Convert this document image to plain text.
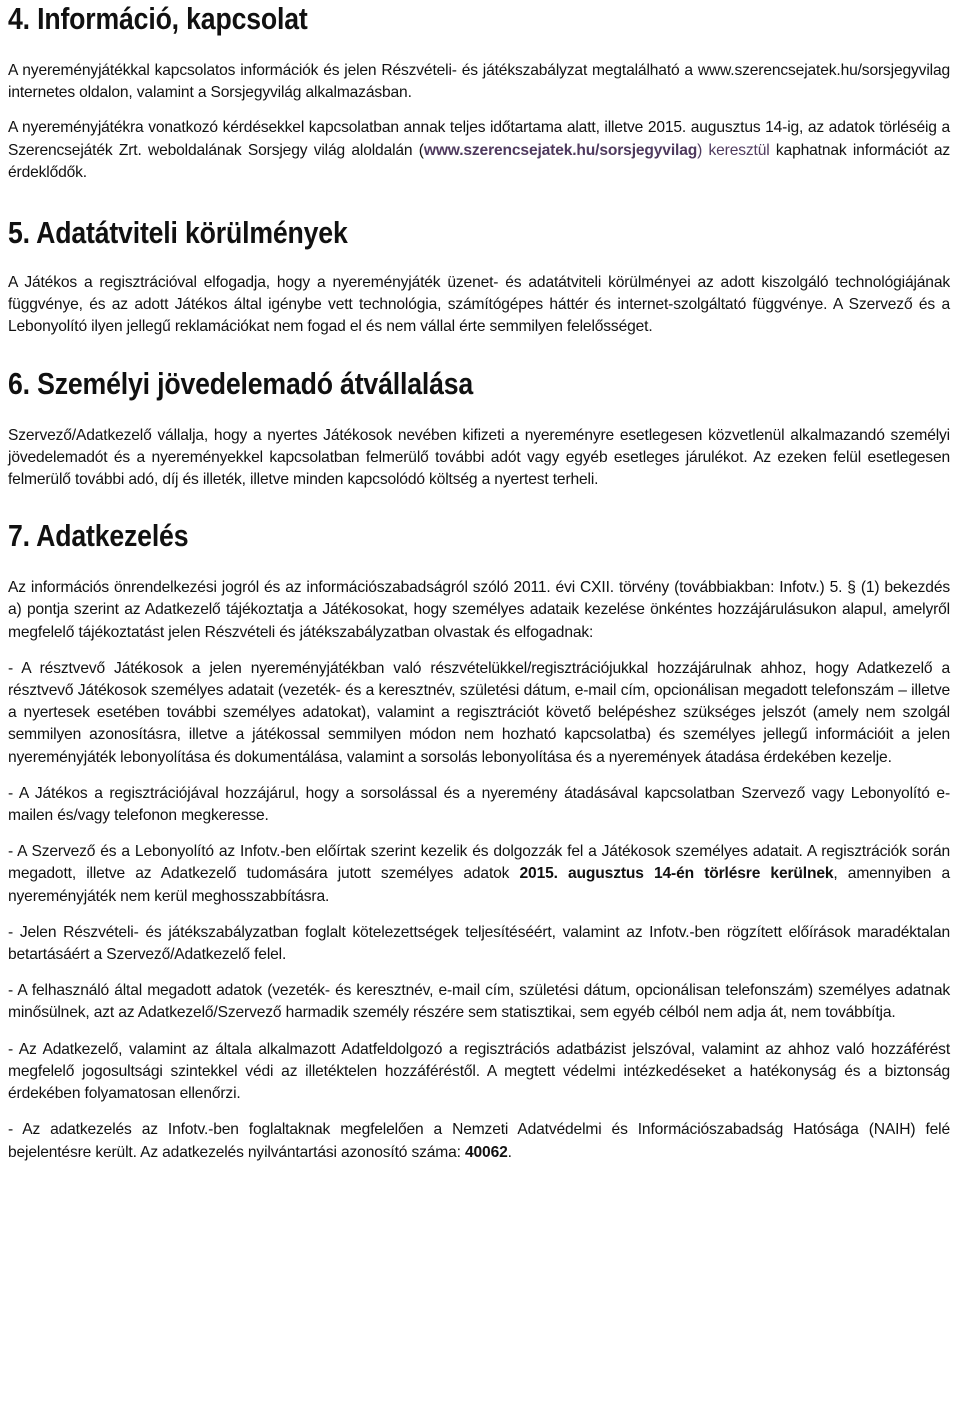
4. Információ, kapcsolat

A nyereményjátékkal kapcsolatos információk és jelen Részvételi- és játékszabályzat megtalálható a www.szerencsejatek.hu/sorsjegyvilag internetes oldalon, valamint a Sorsjegyvilág alkalmazásban.

A nyereményjátékra vonatkozó kérdésekkel kapcsolatban annak teljes időtartama alatt, illetve 2015. augusztus 14-ig, az adatok törléséig a Szerencsejáték Zrt. weboldalának Sorsjegy világ aloldalán (www.szerencsejatek.hu/sorsjegyvilag) keresztül kaphatnak információt az érdeklődők.

5. Adatátviteli körülmények

A Játékos a regisztrációval elfogadja, hogy a nyereményjáték üzenet- és adatátviteli körülményei az adott kiszolgáló technológiájának függvénye, és az adott Játékos által igénybe vett technológia, számítógépes háttér és internet-szolgáltató függvénye. A Szervező és a Lebonyolító ilyen jellegű reklamációkat nem fogad el és nem vállal érte semmilyen felelősséget.

6. Személyi jövedelemadó átvállalása

Szervező/Adatkezelő vállalja, hogy a nyertes Játékosok nevében kifizeti a nyereményre esetlegesen közvetlenül alkalmazandó személyi jövedelemadót és a nyereményekkel kapcsolatban felmerülő további adót vagy egyéb esetleges járulékot. Az ezeken felül esetlegesen felmerülő további adó, díj és illeték, illetve minden kapcsolódó költség a nyertest terheli.

7. Adatkezelés

Az információs önrendelkezési jogról és az információszabadságról szóló 2011. évi CXII. törvény (továbbiakban: Infotv.) 5. § (1) bekezdés a) pontja szerint az Adatkezelő tájékoztatja a Játékosokat, hogy személyes adataik kezelése önkéntes hozzájárulásukon alapul, amelyről megfelelő tájékoztatást jelen Részvételi és játékszabályzatban olvastak és elfogadnak:

- A résztvevő Játékosok a jelen nyereményjátékban való részvételükkel/regisztrációjukkal hozzájárulnak ahhoz, hogy Adatkezelő a résztvevő Játékosok személyes adatait (vezeték- és a keresztnév, születési dátum, e-mail cím, opcionálisan megadott telefonszám – illetve a nyertesek esetében további személyes adatokat), valamint a regisztrációt követő belépéshez szükséges jelszót (amely nem szolgál semmilyen azonosításra, illetve a játékossal semmilyen módon nem hozható kapcsolatba) és személyes jellegű információit a jelen nyereményjáték lebonyolítása és dokumentálása, valamint a sorsolás lebonyolítása és a nyeremények átadása érdekében kezelje.

- A Játékos a regisztrációjával hozzájárul, hogy a sorsolással és a nyeremény átadásával kapcsolatban Szervező vagy Lebonyolító e-mailen és/vagy telefonon megkeresse.

- A Szervező és a Lebonyolító az Infotv.-ben előírtak szerint kezelik és dolgozzák fel a Játékosok személyes adatait. A regisztrációk során megadott, illetve az Adatkezelő tudomására jutott személyes adatok 2015. augusztus 14-én törlésre kerülnek, amennyiben a nyereményjáték nem kerül meghosszabbításra.

- Jelen Részvételi- és játékszabályzatban foglalt kötelezettségek teljesítéséért, valamint az Infotv.-ben rögzített előírások maradéktalan betartásáért a Szervező/Adatkezelő felel.

- A felhasználó által megadott adatok (vezeték- és keresztnév, e-mail cím, születési dátum, opcionálisan telefonszám) személyes adatnak minősülnek, azt az Adatkezelő/Szervező harmadik személy részére sem statisztikai, sem egyéb célból nem adja át, nem továbbítja.

- Az Adatkezelő, valamint az általa alkalmazott Adatfeldolgozó a regisztrációs adatbázist jelszóval, valamint az ahhoz való hozzáférést megfelelő jogosultsági szintekkel védi az illetéktelen hozzáféréstől. A megtett védelmi intézkedéseket a hatékonyság és a biztonság érdekében folyamatosan ellenőrzi.

- Az adatkezelés az Infotv.-ben foglaltaknak megfelelően a Nemzeti Adatvédelmi és Információszabadság Hatósága (NAIH) felé bejelentésre került. Az adatkezelés nyilvántartási azonosító száma: 40062.
